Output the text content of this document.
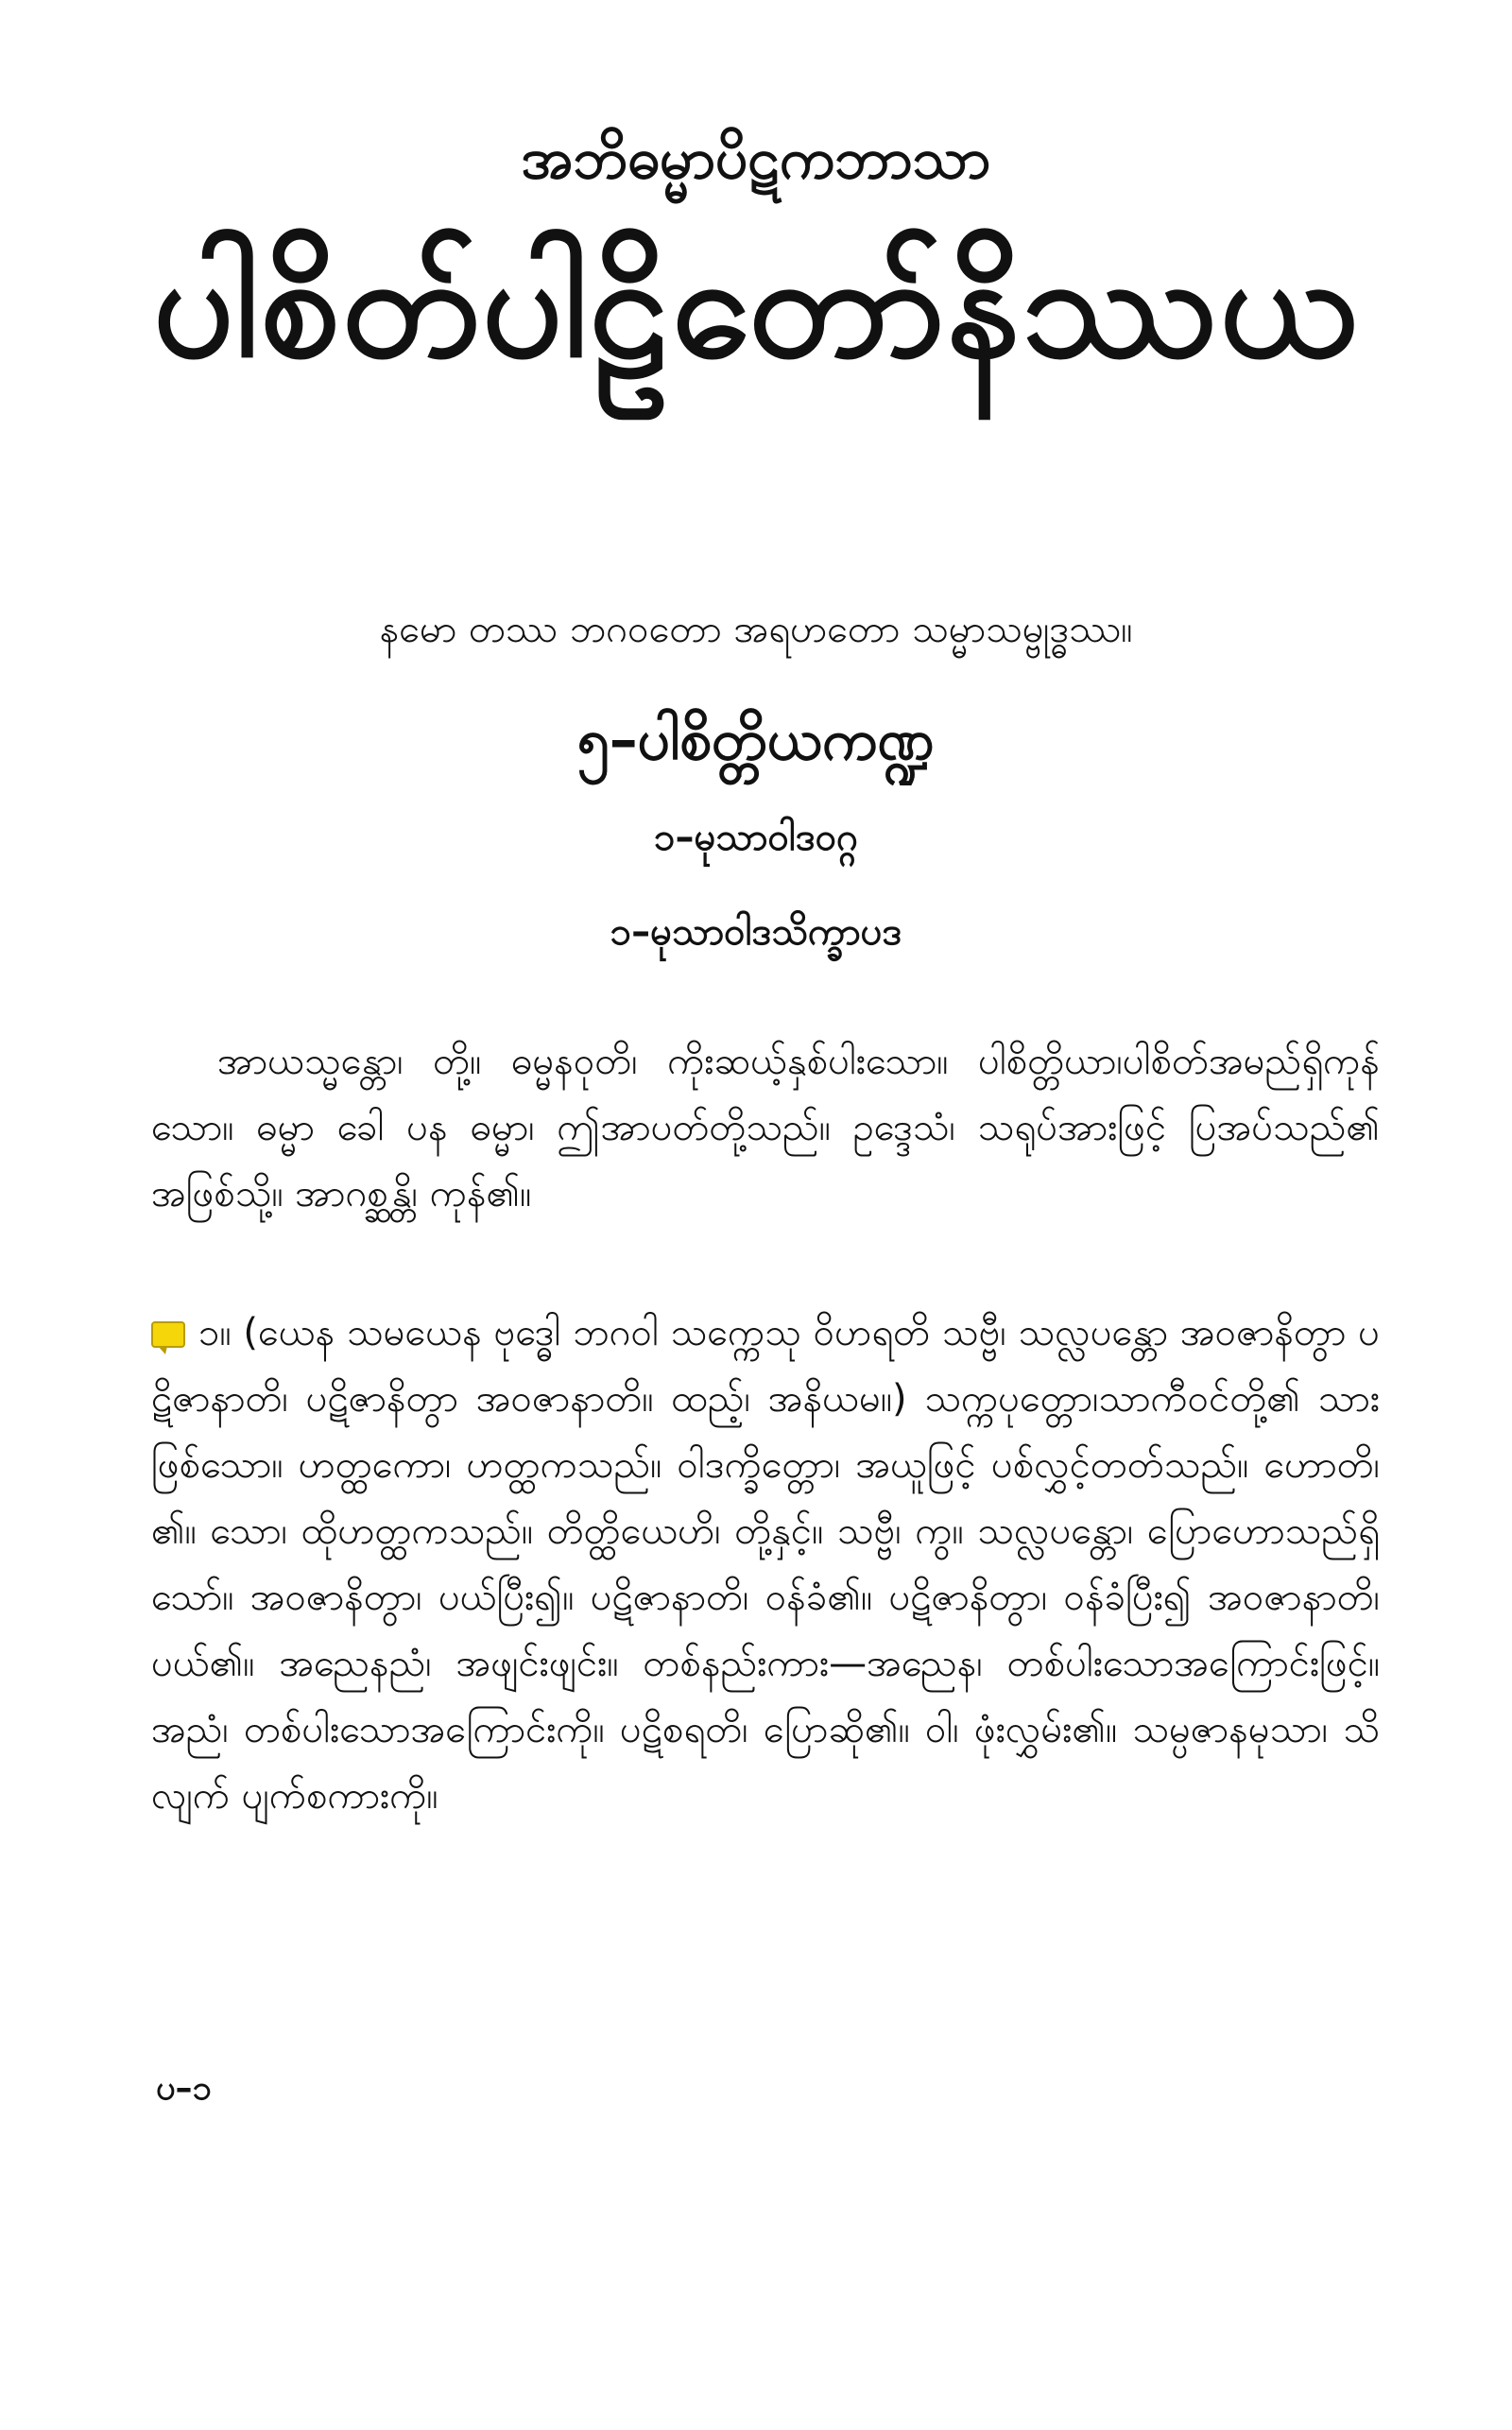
အဘိဓမ္မာပိဋကဘာသာ
ပါစိတ်ပါဠိတော်နိဿယ
နမော တဿ ဘဂဝတော အရဟတော သမ္မာသမ္ဗုဒ္ဓဿ။
၅–ပါစိတ္တိယကဏ္ဍ
၁–မုသာဝါဒဝဂ္ဂ
၁–မုသာဝါဒသိက္ခာပဒ

အာယသ္မန္တော၊ တို့။ ဓမ္မနဝုတိ၊ ကိုးဆယ့်နှစ်ပါးသော။ ပါစိတ္တိယာ၊ပါစိတ်အမည်ရှိကုန်သော။ ဓမ္မာ ခေါ ပန ဓမ္မာ၊ ဤအာပတ်တို့သည်။ ဥဒ္ဒေသံ၊ သရုပ်အားဖြင့် ပြအပ်သည်၏ အဖြစ်သို့။ အာဂစ္ဆန္တိ၊ ကုန်၏။

၁။ (ယေန သမယေန ဗုဒ္ဓေါ ဘဂဝါ သက္ကေသု ဝိဟရတိ သဗ္ဗီ၊ သလ္လပန္တော အဝဇာနိတွာ ပဋိဇာနာတိ၊ ပဋိဇာနိတွာ အဝဇာနာတိ။ ထည့်၊ အနိယမ။) သက္ကပုတ္တော၊သာကီဝင်တို့၏ သားဖြစ်သော။ ဟတ္ထကော၊ ဟတ္ထကသည်။ ဝါဒက္ခိတ္တော၊ အယူဖြင့် ပစ်လွှင့်တတ်သည်။ ဟောတိ၊ ၏။ သော၊ ထိုဟတ္ထကသည်။ တိတ္ထိယေဟိ၊ တို့နှင့်။ သဗ္ဗီ၊ ကွ။ သလ္လပန္တော၊ ပြောဟောသည်ရှိသော်။ အဝဇာနိတွာ၊ ပယ်ပြီး၍။ ပဋိဇာနာတိ၊ ဝန်ခံ၏။ ပဋိဇာနိတွာ၊ ဝန်ခံပြီး၍ အဝဇာနာတိ၊ ပယ်၏။ အညေနညံ၊ အဖျင်းဖျင်း။ တစ်နည်းကား—အညေန၊ တစ်ပါးသောအကြောင်းဖြင့်။ အညံ၊ တစ်ပါးသောအကြောင်းကို။ ပဋိစရတိ၊ ပြောဆို၏။ ဝါ၊ ဖုံးလွှမ်း၏။ သမ္ပဇာနမုသာ၊ သိလျက် ပျက်စကားကို။
ပ–၁
